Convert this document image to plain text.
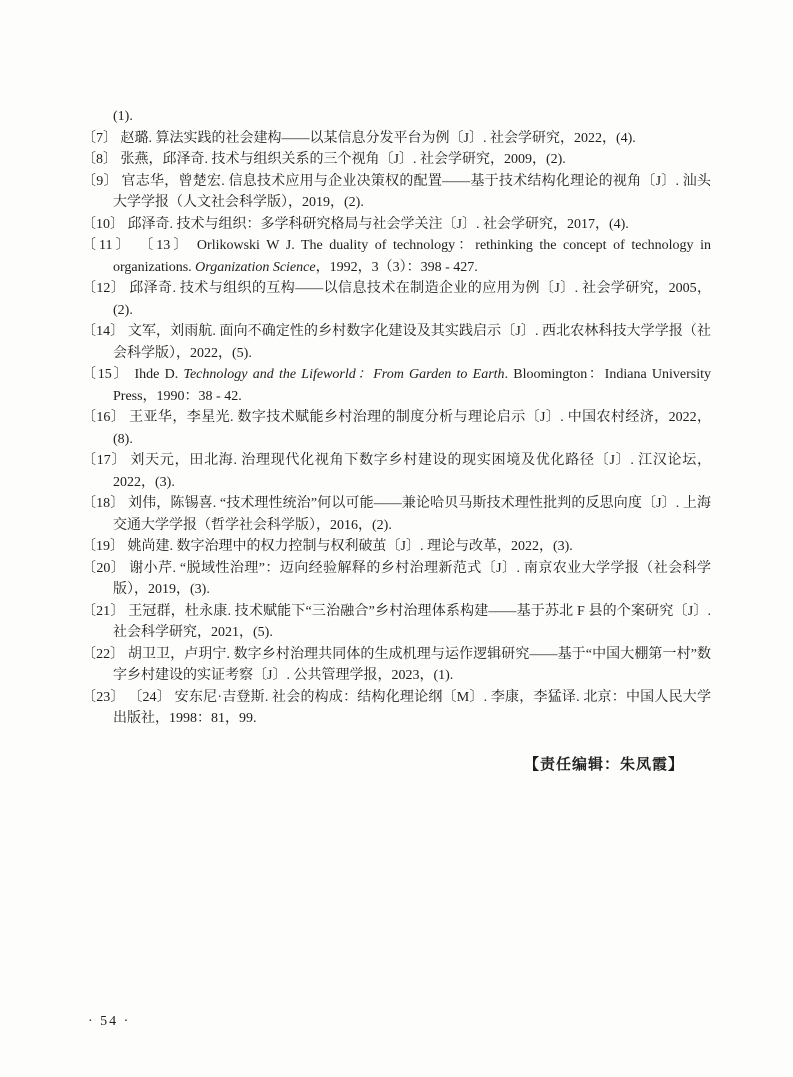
(1).

〔7〕 赵璐. 算法实践的社会建构——以某信息分发平台为例〔J〕. 社会学研究，2022，(4).
〔8〕 张燕，邱泽奇. 技术与组织关系的三个视角〔J〕. 社会学研究，2009，(2).
〔9〕 官志华，曾楚宏. 信息技术应用与企业决策权的配置——基于技术结构化理论的视角〔J〕. 汕头大学学报（人文社会科学版），2019，(2).
〔10〕 邱泽奇. 技术与组织：多学科研究格局与社会学关注〔J〕. 社会学研究，2017，(4).
〔11〕 〔13〕 Orlikowski W J. The duality of technology：rethinking the concept of technology in organizations. Organization Science，1992，3（3）：398 - 427.
〔12〕 邱泽奇. 技术与组织的互构——以信息技术在制造企业的应用为例〔J〕. 社会学研究，2005，(2).
〔14〕 文军，刘雨航. 面向不确定性的乡村数字化建设及其实践启示〔J〕. 西北农林科技大学学报（社会科学版），2022，(5).
〔15〕 Ihde D. Technology and the Lifeworld：From Garden to Earth. Bloomington：Indiana University Press，1990：38 - 42.
〔16〕 王亚华，李星光. 数字技术赋能乡村治理的制度分析与理论启示〔J〕. 中国农村经济，2022，(8).
〔17〕 刘天元，田北海. 治理现代化视角下数字乡村建设的现实困境及优化路径〔J〕. 江汉论坛，2022，(3).
〔18〕 刘伟，陈锡喜. “技术理性统治”何以可能——兼论哈贝马斯技术理性批判的反思向度〔J〕. 上海交通大学学报（哲学社会科学版），2016，(2).
〔19〕 姚尚建. 数字治理中的权力控制与权利破茧〔J〕. 理论与改革，2022，(3).
〔20〕 谢小芹. “脱域性治理”：迈向经验解释的乡村治理新范式〔J〕. 南京农业大学学报（社会科学版），2019，(3).
〔21〕 王冠群，杜永康. 技术赋能下“三治融合”乡村治理体系构建——基于苏北 F 县的个案研究〔J〕. 社会科学研究，2021，(5).
〔22〕 胡卫卫，卢玥宁. 数字乡村治理共同体的生成机理与运作逻辑研究——基于“中国大棚第一村”数字乡村建设的实证考察〔J〕. 公共管理学报，2023，(1).
〔23〕 〔24〕 安东尼·吉登斯. 社会的构成：结构化理论纲〔M〕. 李康，李猛译. 北京：中国人民大学出版社，1998：81，99.
【责任编辑：朱凤霞】
· 54 ·
